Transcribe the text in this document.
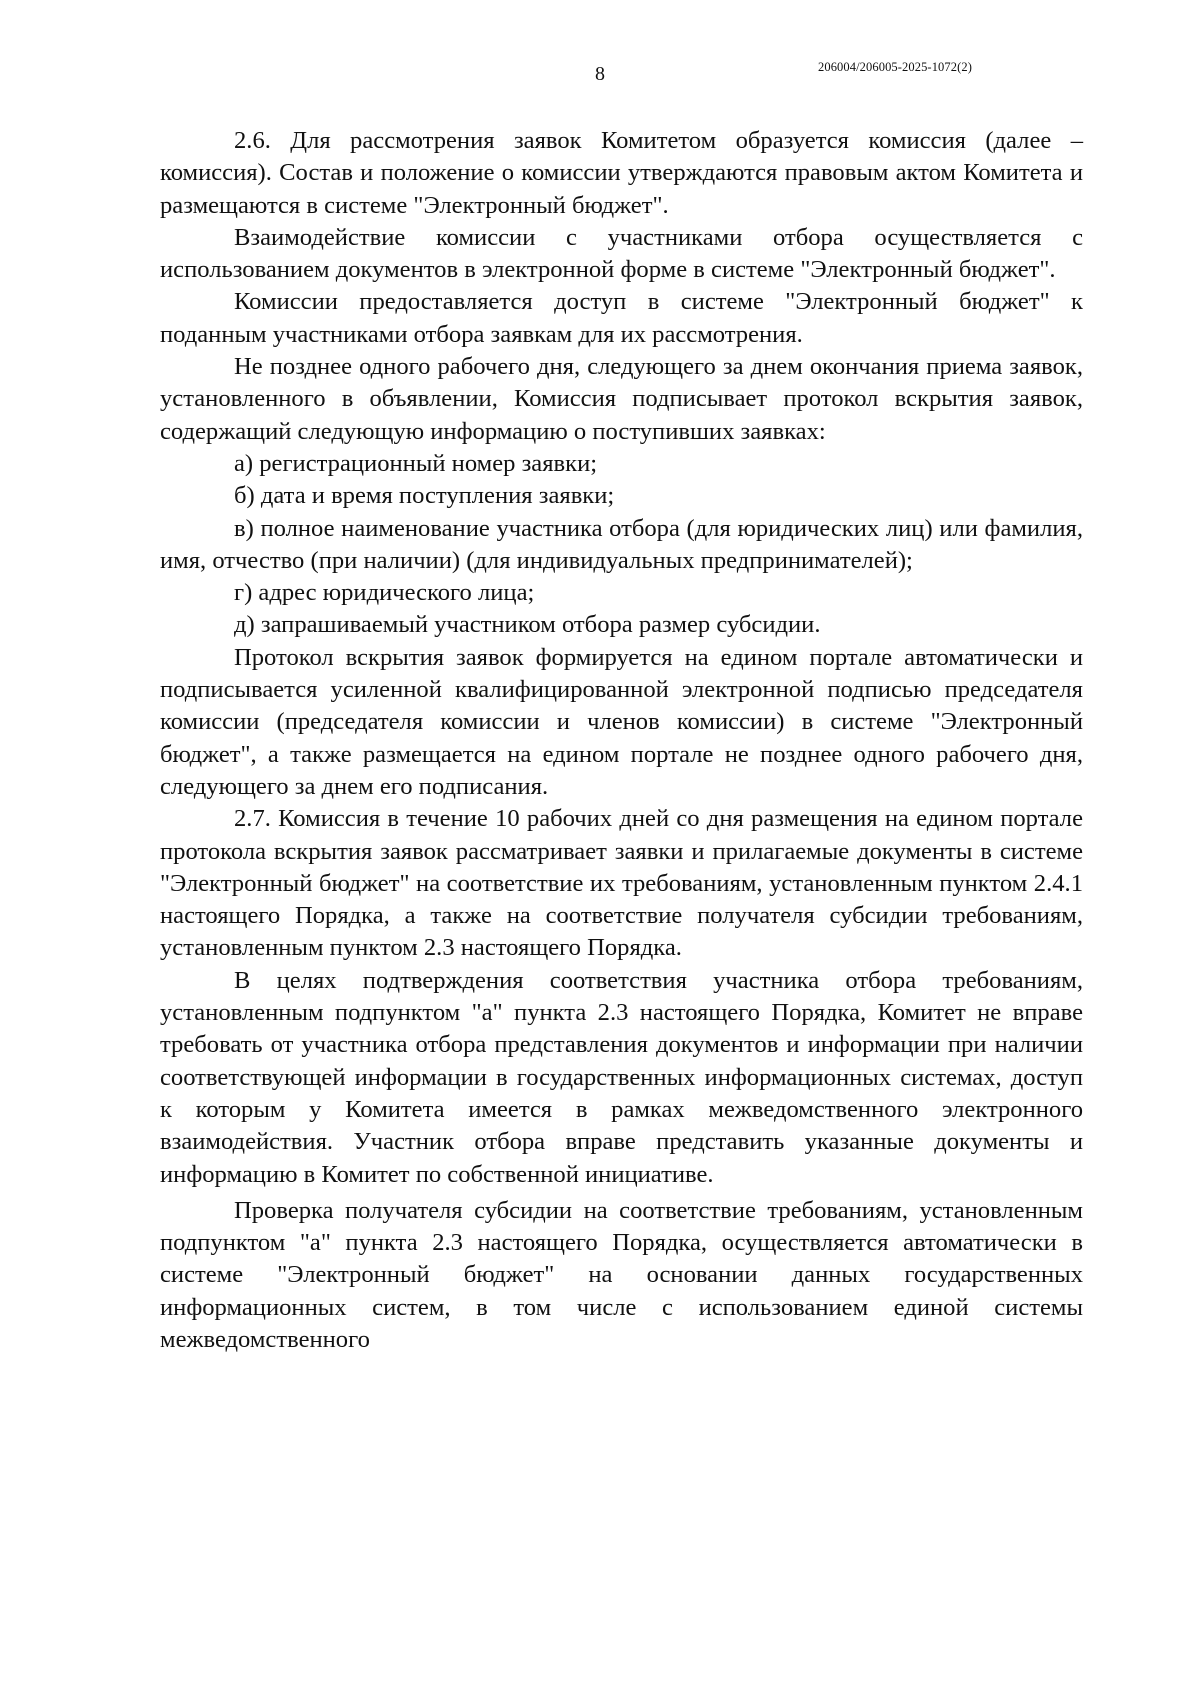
8	206004/206005-2025-1072(2)

2.6. Для рассмотрения заявок Комитетом образуется комиссия (далее – комиссия). Состав и положение о комиссии утверждаются правовым актом Комитета и размещаются в системе "Электронный бюджет".

Взаимодействие комиссии с участниками отбора осуществляется с использованием документов в электронной форме в системе "Электронный бюджет".

Комиссии предоставляется доступ в системе "Электронный бюджет" к поданным участниками отбора заявкам для их рассмотрения.

Не позднее одного рабочего дня, следующего за днем окончания приема заявок, установленного в объявлении, Комиссия подписывает протокол вскрытия заявок, содержащий следующую информацию о поступивших заявках:

а) регистрационный номер заявки;

б) дата и время поступления заявки;

в) полное наименование участника отбора (для юридических лиц) или фамилия, имя, отчество (при наличии) (для индивидуальных предпринимателей);

г) адрес юридического лица;

д) запрашиваемый участником отбора размер субсидии.

Протокол вскрытия заявок формируется на едином портале автоматически и подписывается усиленной квалифицированной электронной подписью председателя комиссии (председателя комиссии и членов комиссии) в системе "Электронный бюджет", а также размещается на едином портале не позднее одного рабочего дня, следующего за днем его подписания.

2.7. Комиссия в течение 10 рабочих дней со дня размещения на едином портале протокола вскрытия заявок рассматривает заявки и прилагаемые документы в системе "Электронный бюджет" на соответствие их требованиям, установленным пунктом 2.4.1 настоящего Порядка, а также на соответствие получателя субсидии требованиям, установленным пунктом 2.3 настоящего Порядка.

В целях подтверждения соответствия участника отбора требованиям, установленным подпунктом "а" пункта 2.3 настоящего Порядка, Комитет не вправе требовать от участника отбора представления документов и информации при наличии соответствующей информации в государственных информационных системах, доступ к которым у Комитета имеется в рамках межведомственного электронного взаимодействия. Участник отбора вправе представить указанные документы и информацию в Комитет по собственной инициативе.

Проверка получателя субсидии на соответствие требованиям, установленным подпунктом "а" пункта 2.3 настоящего Порядка, осуществляется автоматически в системе "Электронный бюджет" на основании данных государственных информационных систем, в том числе с использованием единой системы межведомственного
